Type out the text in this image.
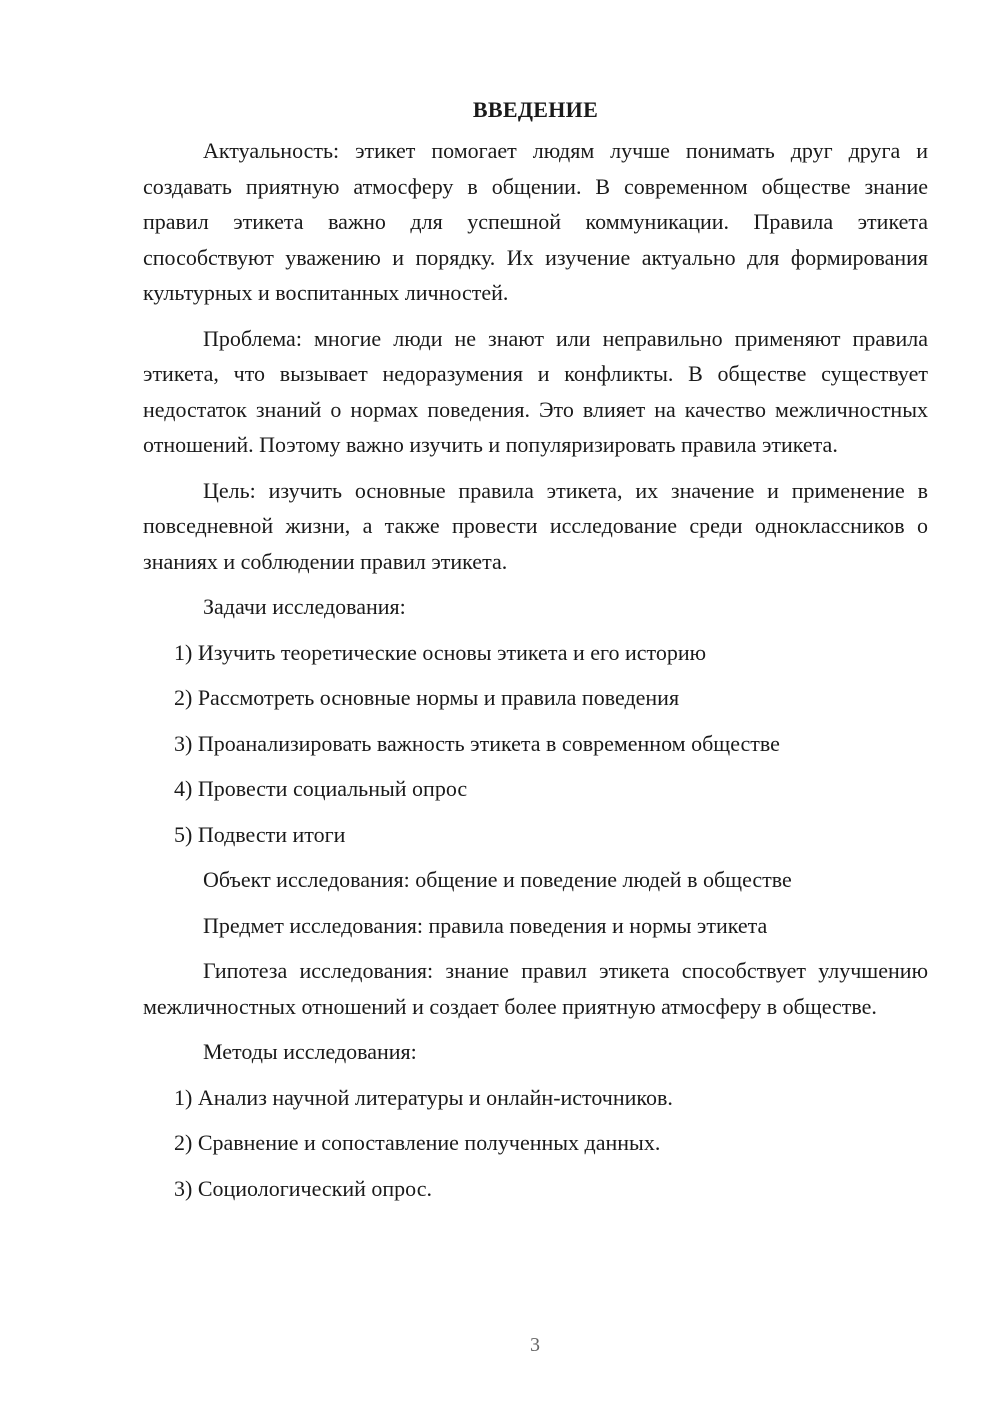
ВВЕДЕНИЕ

Актуальность: этикет помогает людям лучше понимать друг друга и создавать приятную атмосферу в общении. В современном обществе знание правил этикета важно для успешной коммуникации. Правила этикета способствуют уважению и порядку. Их изучение актуально для формирования культурных и воспитанных личностей.

Проблема: многие люди не знают или неправильно применяют правила этикета, что вызывает недоразумения и конфликты. В обществе существует недостаток знаний о нормах поведения. Это влияет на качество межличностных отношений. Поэтому важно изучить и популяризировать правила этикета.

Цель: изучить основные правила этикета, их значение и применение в повседневной жизни, а также провести исследование среди одноклассников о знаниях и соблюдении правил этикета.

Задачи исследования:
1) Изучить теоретические основы этикета и его историю
2) Рассмотреть основные нормы и правила поведения
3) Проанализировать важность этикета в современном обществе
4) Провести социальный опрос
5) Подвести итоги
Объект исследования: общение и поведение людей в обществе
Предмет исследования: правила поведения и нормы этикета

Гипотеза исследования: знание правил этикета способствует улучшению межличностных отношений и создает более приятную атмосферу в обществе.

Методы исследования:
1) Анализ научной литературы и онлайн-источников.
2) Сравнение и сопоставление полученных данных.
3) Социологический опрос.
3
